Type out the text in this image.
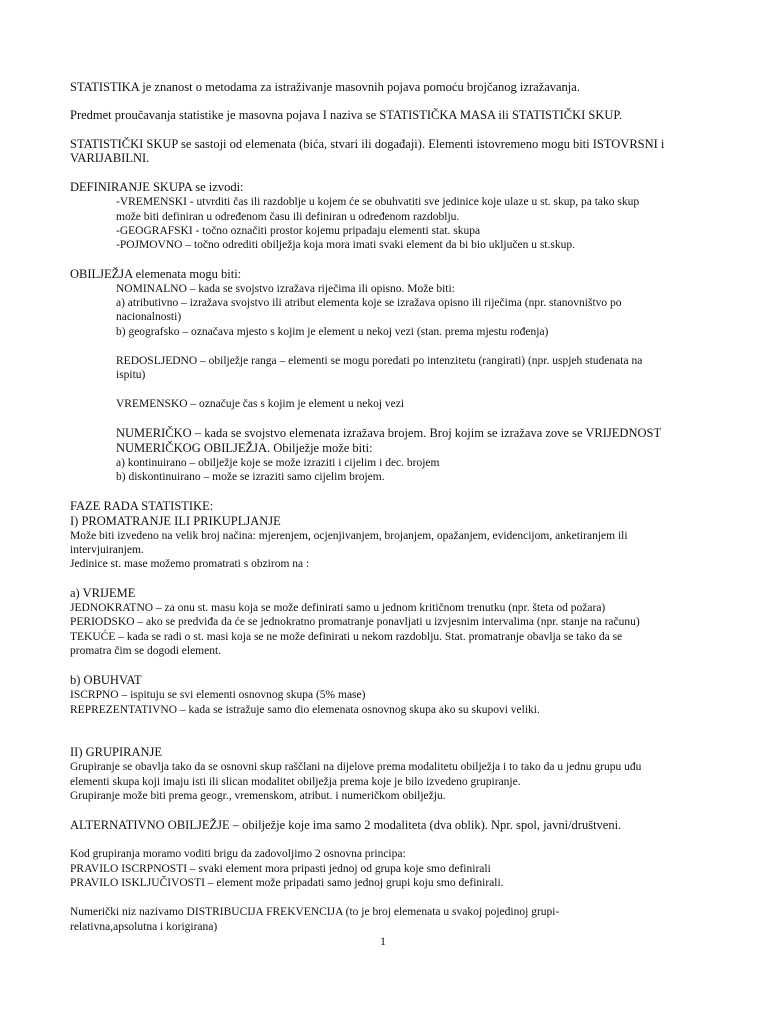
STATISTIKA je znanost o metodama za istraživanje masovnih pojava pomoću brojčanog izražavanja.
Predmet proučavanja statistike je masovna pojava I naziva se STATISTIČKA MASA ili STATISTIČKI SKUP.
STATISTIČKI SKUP se sastoji od elemenata (bića, stvari ili događaji). Elementi istovremeno mogu biti ISTOVRSNI i
VARIJABILNI.
DEFINIRANJE SKUPA se izvodi:
-VREMENSKI - utvrditi čas ili razdoblje u kojem će se obuhvatiti sve jedinice koje ulaze u st. skup, pa tako skup
može biti definiran u određenom času ili definiran u određenom razdoblju.
-GEOGRAFSKI - točno označiti prostor kojemu pripadaju elementi stat. skupa
-POJMOVNO – točno odrediti obilježja koja mora imati svaki element da bi bio uključen u st.skup.
OBILJEŽJA elemenata mogu biti:
NOMINALNO – kada se svojstvo izražava riječima ili opisno. Može biti:
a) atributivno – izražava svojstvo ili atribut elementa koje se izražava opisno ili riječima (npr. stanovništvo po
nacionalnosti)
b) geografsko – označava mjesto s kojim je element u nekoj vezi (stan. prema mjestu rođenja)
REDOSLJEDNO – obilježje ranga – elementi se mogu poredati po intenzitetu (rangirati) (npr. uspjeh studenata na
ispitu)
VREMENSKO – označuje čas s kojim je element u nekoj vezi
NUMERIČKO – kada se svojstvo elemenata izražava brojem. Broj kojim se izražava zove se VRIJEDNOST
NUMERIČKOG OBILJEŽJA. Obilježje može biti:
a) kontinuirano – obilježje koje se može izraziti i cijelim i dec. brojem
b) diskontinuirano – može se izraziti samo cijelim brojem.
FAZE RADA STATISTIKE:
I) PROMATRANJE ILI PRIKUPLJANJE
Može biti izvedeno na velik broj načina: mjerenjem, ocjenjivanjem, brojanjem, opažanjem, evidencijom, anketiranjem ili
intervjuiranjem.
Jedinice st. mase možemo promatrati s obzirom na :
a) VRIJEME
JEDNOKRATNO – za onu st. masu koja se može definirati samo u jednom kritičnom trenutku (npr. šteta od požara)
PERIODSKO – ako se predviđa da će se jednokratno promatranje ponavljati u izvjesnim intervalima (npr. stanje na računu)
TEKUĆE – kada se radi o st. masi koja se ne može definirati u nekom razdoblju. Stat. promatranje obavlja se tako da se
promatra čim se dogodi element.
b) OBUHVAT
ISCRPNO – ispituju se svi elementi osnovnog skupa (5% mase)
REPREZENTATIVNO – kada se istražuje samo dio elemenata osnovnog skupa ako su skupovi veliki.
II) GRUPIRANJE
Grupiranje se obavlja tako da se osnovni skup raščlani na dijelove prema modalitetu obilježja i to tako da u jednu grupu uđu
elementi skupa koji imaju isti ili slican modalitet obilježja prema koje je bilo izvedeno grupiranje.
Grupiranje može biti prema geogr., vremenskom, atribut. i numeričkom obilježju.
ALTERNATIVNO OBILJEŽJE – obilježje koje ima samo 2 modaliteta (dva oblik). Npr. spol, javni/društveni.
Kod grupiranja moramo voditi brigu da zadovoljimo 2 osnovna principa:
PRAVILO ISCRPNOSTI – svaki element mora pripasti jednoj od grupa koje smo definirali
PRAVILO ISKLJUČIVOSTI – element može pripadati samo jednoj grupi koju smo definirali.
Numerički niz nazivamo DISTRIBUCIJA FREKVENCIJA (to je broj elemenata u svakoj pojedinoj grupi-
relativna,apsolutna i korigirana)
1
